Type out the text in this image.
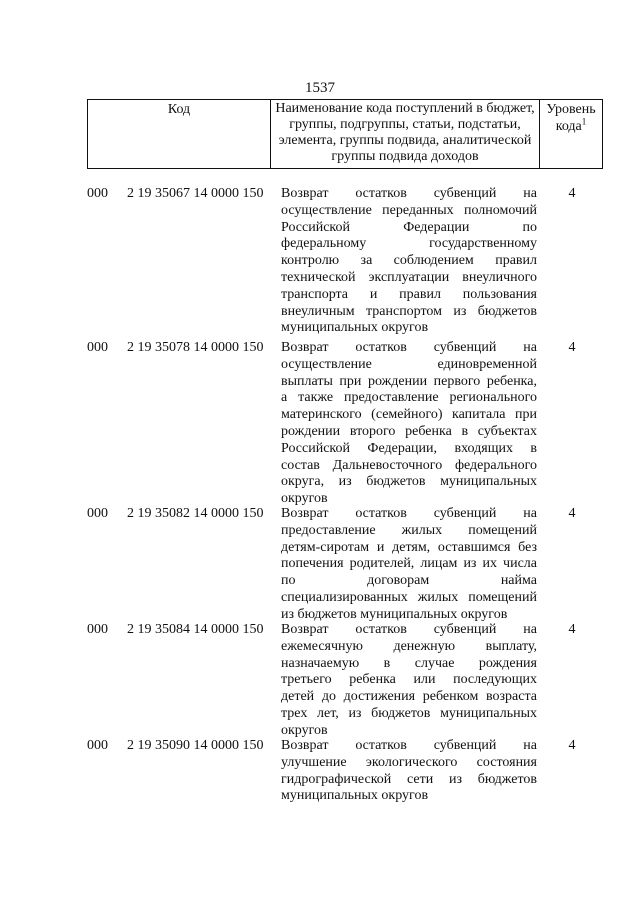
1537
Код	Наименование кода поступлений в бюджет, группы, подгруппы, статьи, подстатьи, элемента, группы подвида, аналитической группы подвида доходов
Уровень кода$^1$
000	2 19 35067 14 0000 150	Возврат остатков субвенций на
осуществление переданных полномочий
Российской Федерации по
федеральному государственному
контролю за соблюдением правил
технической эксплуатации внеуличного
транспорта и правил пользования
внеуличным транспортом из бюджетов
муниципальных округов
4
000	2 19 35078 14 0000 150	Возврат остатков субвенций на
осуществление единовременной
выплаты при рождении первого ребенка,
а также предоставление регионального
материнского (семейного) капитала при
рождении второго ребенка в субъектах
Российской Федерации, входящих в
состав Дальневосточного федерального
округа, из бюджетов муниципальных
округов
4
000	2 19 35082 14 0000 150	Возврат остатков субвенций на
предоставление жилых помещений
детям-сиротам и детям, оставшимся без
попечения родителей, лицам из их числа
по договорам найма
специализированных жилых помещений
из бюджетов муниципальных округов
4
000	2 19 35084 14 0000 150	Возврат остатков субвенций на
ежемесячную денежную выплату,
назначаемую в случае рождения
третьего ребенка или последующих
детей до достижения ребенком возраста
трех лет, из бюджетов муниципальных
округов
4
000	2 19 35090 14 0000 150	Возврат остатков субвенций на
улучшение экологического состояния
гидрографической сети из бюджетов
муниципальных округов
4
